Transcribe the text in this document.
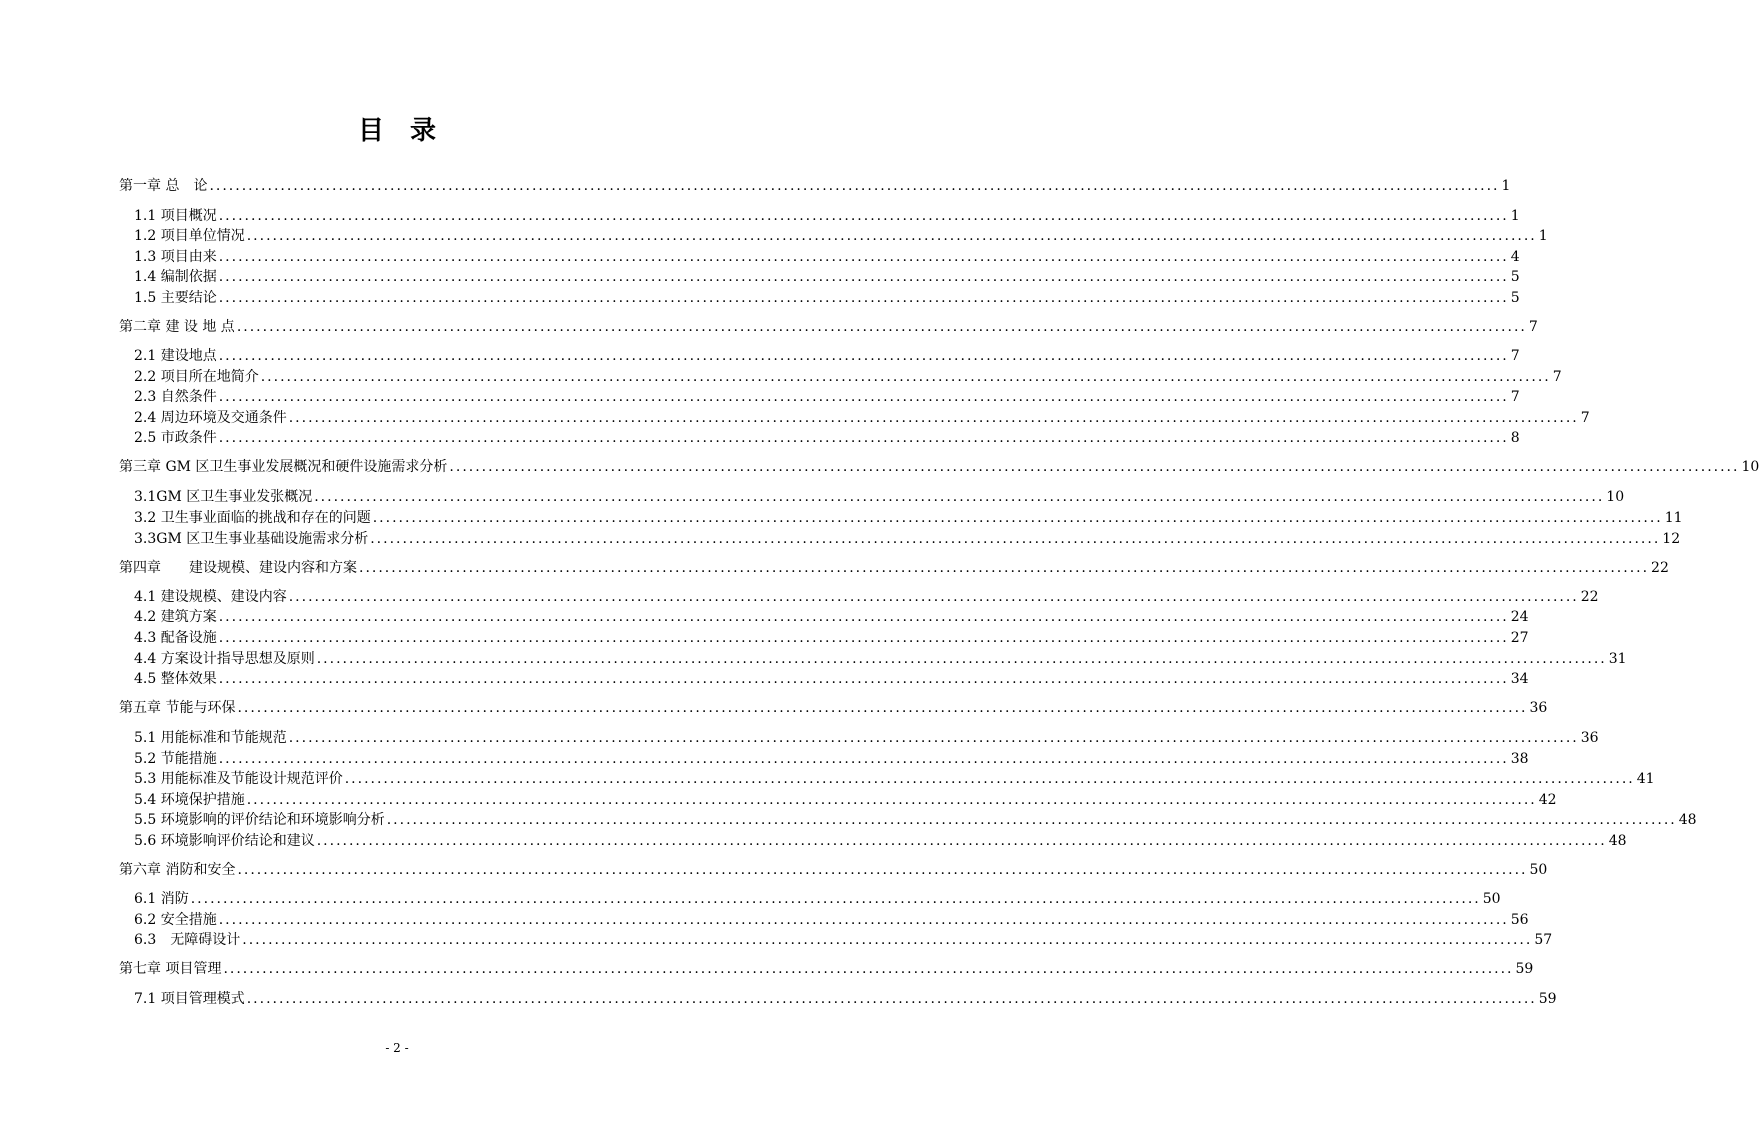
目　录
第一章 总　论 ........................................................................................................................................................................................................ 1
1.1 项目概况 ........................................................................................................................................................................................................ 1
1.2 项目单位情况 ........................................................................................................................................................................................................ 1
1.3 项目由来 ........................................................................................................................................................................................................ 4
1.4 编制依据 ........................................................................................................................................................................................................ 5
1.5 主要结论 ........................................................................................................................................................................................................ 5
第二章 建 设 地 点 ........................................................................................................................................................................................................ 7
2.1 建设地点 ........................................................................................................................................................................................................ 7
2.2 项目所在地简介 ........................................................................................................................................................................................................ 7
2.3 自然条件 ........................................................................................................................................................................................................ 7
2.4 周边环境及交通条件 ........................................................................................................................................................................................................ 7
2.5 市政条件 ........................................................................................................................................................................................................ 8
第三章 GM 区卫生事业发展概况和硬件设施需求分析 ........................................................................................................................................................................................................ 10
3.1GM 区卫生事业发张概况 ........................................................................................................................................................................................................ 10
3.2 卫生事业面临的挑战和存在的问题 ........................................................................................................................................................................................................ 11
3.3GM 区卫生事业基础设施需求分析 ........................................................................................................................................................................................................ 12
第四章　　建设规模、建设内容和方案 ........................................................................................................................................................................................................ 22
4.1 建设规模、建设内容 ........................................................................................................................................................................................................ 22
4.2 建筑方案 ........................................................................................................................................................................................................ 24
4.3 配备设施 ........................................................................................................................................................................................................ 27
4.4 方案设计指导思想及原则 ........................................................................................................................................................................................................ 31
4.5 整体效果 ........................................................................................................................................................................................................ 34
第五章 节能与环保 ........................................................................................................................................................................................................ 36
5.1 用能标准和节能规范 ........................................................................................................................................................................................................ 36
5.2 节能措施 ........................................................................................................................................................................................................ 38
5.3 用能标准及节能设计规范评价 ........................................................................................................................................................................................................ 41
5.4 环境保护措施 ........................................................................................................................................................................................................ 42
5.5 环境影响的评价结论和环境影响分析 ........................................................................................................................................................................................................ 48
5.6 环境影响评价结论和建议 ........................................................................................................................................................................................................ 48
第六章 消防和安全 ........................................................................................................................................................................................................ 50
6.1 消防 ........................................................................................................................................................................................................ 50
6.2 安全措施 ........................................................................................................................................................................................................ 56
6.3　无障碍设计 ........................................................................................................................................................................................................ 57
第七章 项目管理 ........................................................................................................................................................................................................ 59
7.1 项目管理模式 ........................................................................................................................................................................................................ 59
- 2 -
